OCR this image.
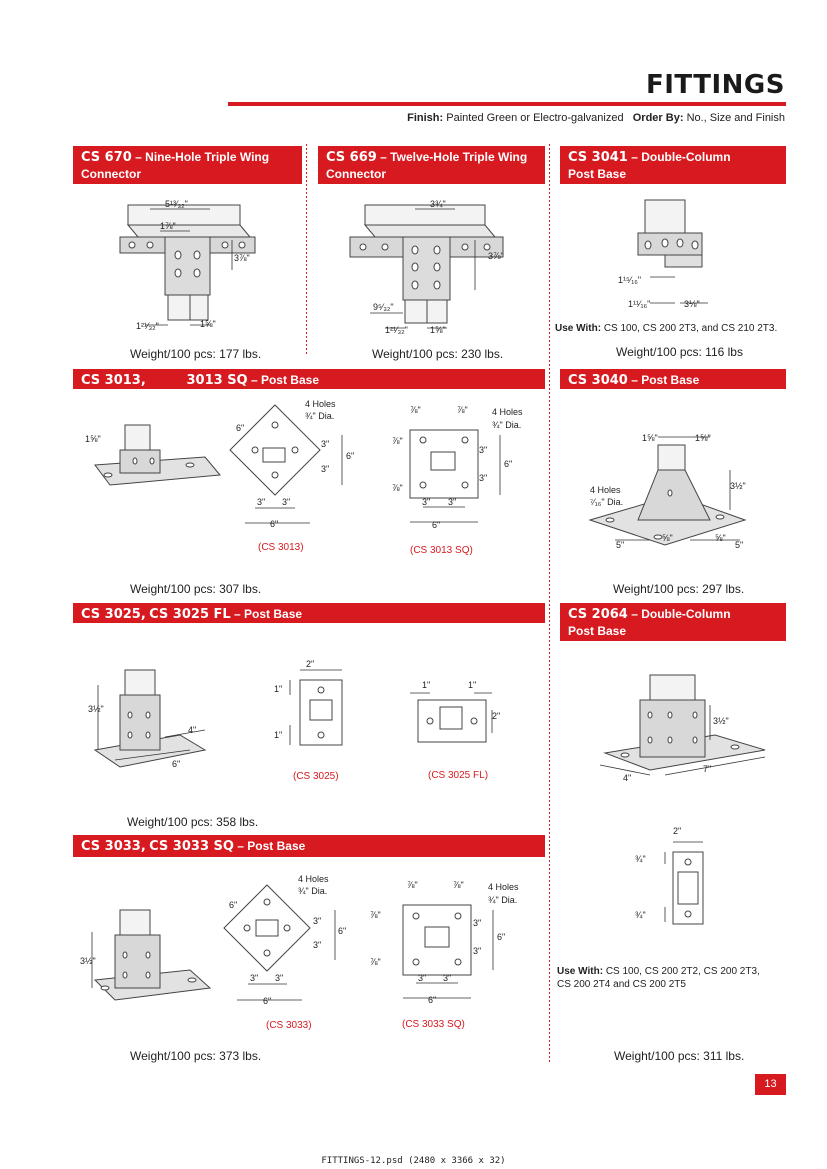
FITTINGS
Finish: Painted Green or Electro-galvanized Order By: No., Size and Finish
CS 670 – Nine-Hole Triple Wing
Connector
5¹³⁄₃₂"
1⅞"
3⅞"
1²¹⁄₃₂"	1⅝"
Weight/100 pcs: 177 lbs.
CS 669 – Twelve-Hole Triple Wing
Connector
3¾"
3⅞"
9⁵⁄₃₂"
1²¹⁄₃₂" 1⅝"
Weight/100 pcs: 230 lbs.
CS 3041 – Double-Column
Post Base
1¹⁵⁄₁₆"
1¹¹⁄₁₆"	3⅛"
Use With: CS 100, CS 200 2T3, and CS 210 2T3.
Weight/100 pcs: 116 lbs
CS 3013,	3013 SQ – Post Base
1⅝"
4 Holes
¾" Dia.
6"
3"
3"
6"
3" 3"
6"
⅞"	⅞"	4 Holes
¾" Dia.
⅞"
3"
6"
3"
⅞"
3" 3"
6"
(CS 3013)	(CS 3013 SQ)
Weight/100 pcs: 307 lbs.
CS 3040 – Post Base
1⅝"	1⅝"
3½"
4 Holes
⁷⁄₁₆" Dia.
5"
⅝"	⅝"
5"
Weight/100 pcs: 297 lbs.
CS 3025, CS 3025 FL – Post Base
3½"
4"
6"
2"
1"
1"
1"	1"
2"
(CS 3025)	(CS 3025 FL)
Weight/100 pcs: 358 lbs.
CS 2064 – Double-Column
Post Base
3½"
4"
7"
2"
¾"
¾"
Use With: CS 100, CS 200 2T2, CS 200 2T3,
CS 200 2T4 and CS 200 2T5
Weight/100 pcs: 311 lbs.
CS 3033, CS 3033 SQ – Post Base
3½"
4 Holes
¾" Dia.
6"
3"
3"
6"
3" 3"
6"
⅞"	⅞"	4 Holes
¾" Dia.
⅞"
3"
6"
3"
⅞"
3" 3"
6"
(CS 3033)	(CS 3033 SQ)
Weight/100 pcs: 373 lbs.
13
FITTINGS-12.psd (2480 x 3366 x 32)
